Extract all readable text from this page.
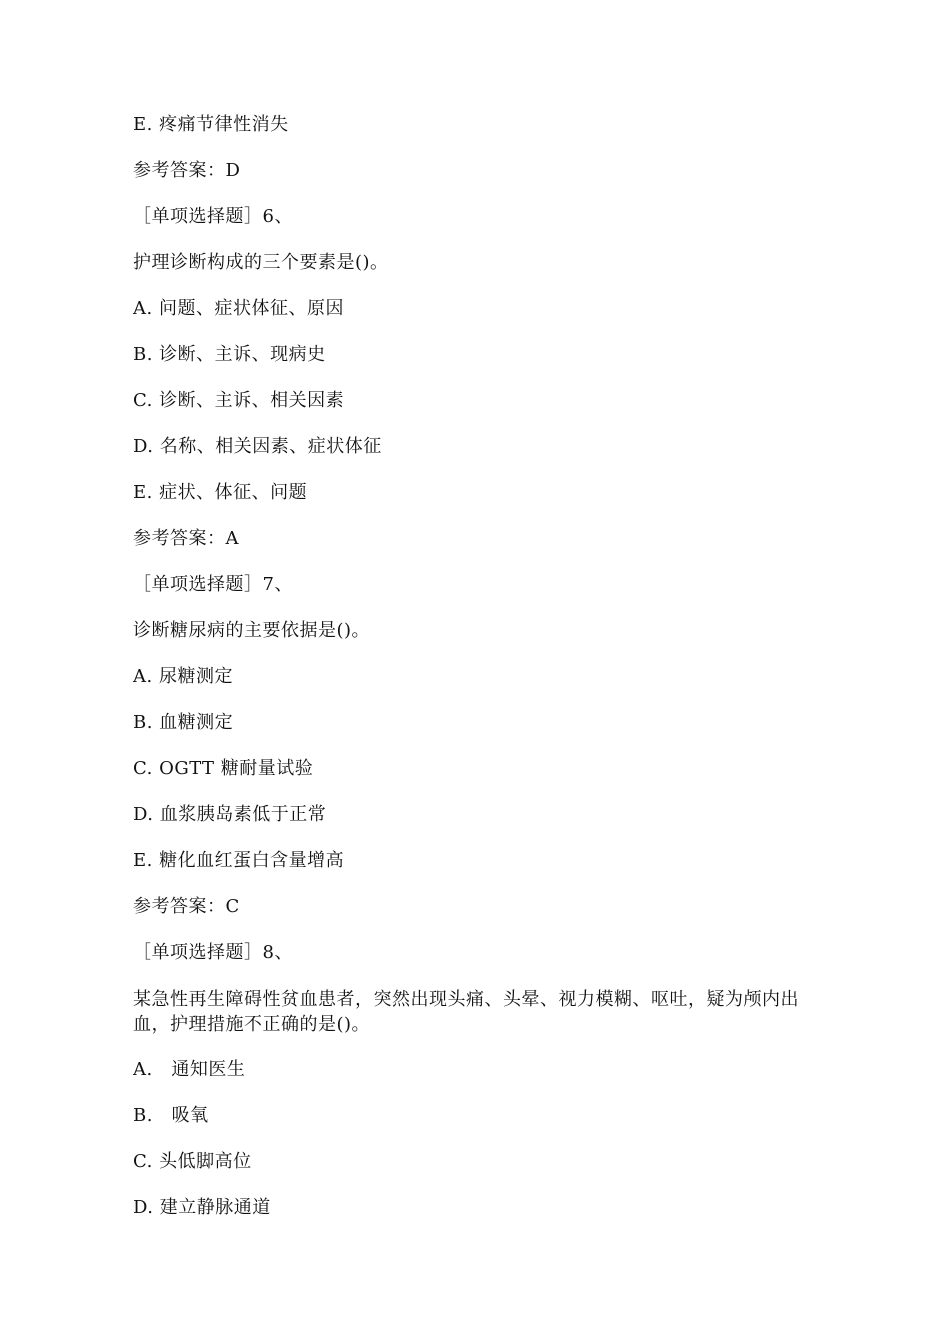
E. 疼痛节律性消失
参考答案：D
［单项选择题］6、
护理诊断构成的三个要素是()。
A. 问题、症状体征、原因
B. 诊断、主诉、现病史
C. 诊断、主诉、相关因素
D. 名称、相关因素、症状体征
E. 症状、体征、问题
参考答案：A
［单项选择题］7、
诊断糖尿病的主要依据是()。
A. 尿糖测定
B. 血糖测定
C. OGTT 糖耐量试验
D. 血浆胰岛素低于正常
E. 糖化血红蛋白含量增高
参考答案：C
［单项选择题］8、
某急性再生障碍性贫血患者，突然出现头痛、头晕、视力模糊、呕吐，疑为颅内出血，护理措施不正确的是()。
A.   通知医生
B.   吸氧
C. 头低脚高位
D. 建立静脉通道
